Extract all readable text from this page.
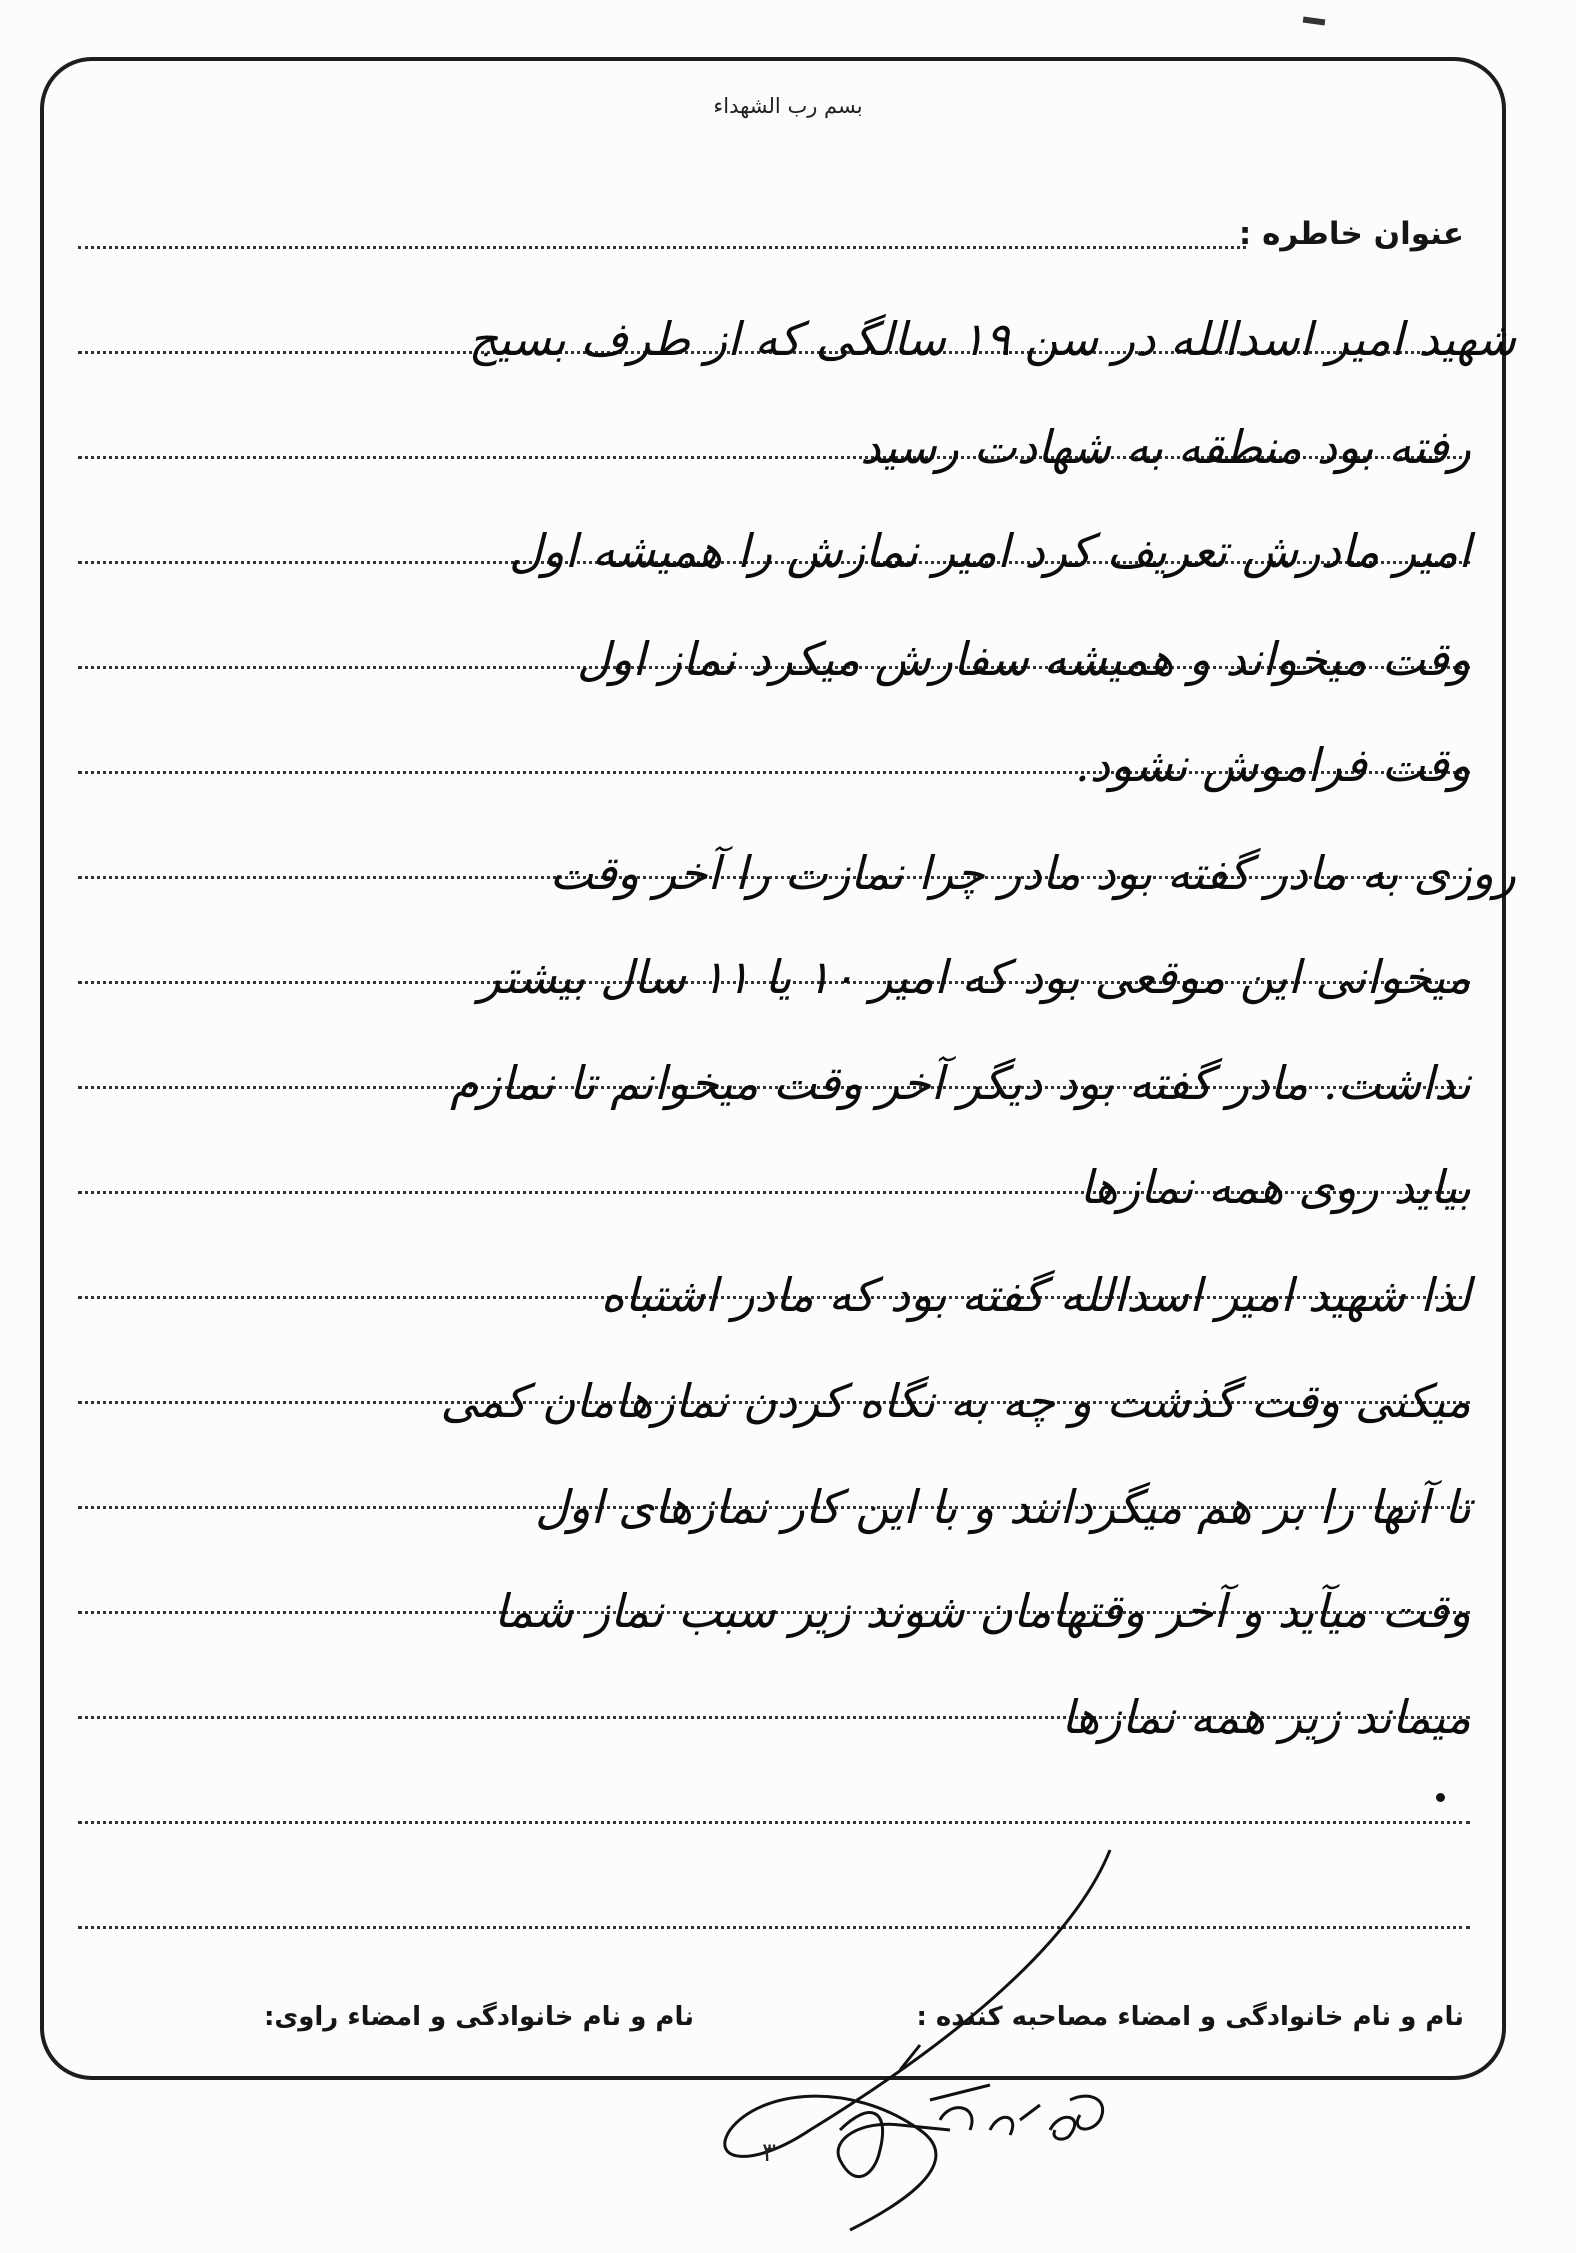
بسم رب الشهداء
عنوان خاطره :
شهید امیر اسدالله در سن ۱۹ سالگی که از طرف بسیج
رفته بود منطقه به شهادت رسید
امیر مادرش تعریف کرد امیر نمازش را همیشه اول
وقت میخواند و همیشه سفارش میکرد نماز اول
وقت فراموش نشود.
روزی به مادر گفته بود مادر چرا نمازت را آخر وقت
میخوانی این موقعی بود که امیر ۱۰ یا ۱۱ سال بیشتر
نداشت. مادر گفته بود دیگر آخر وقت میخوانم تا نمازم
بیاید روی همه نمازها
لذا شهید امیر اسدالله گفته بود که مادر اشتباه
میکنی وقت گذشت و چه به نگاه کردن نمازهامان کمی
تا آنها را بر هم میگردانند و با این کار نمازهای اول
وقت میآید و آخر وقتهامان شوند زیر سبب نماز شما
میماند زیر همه نمازها
نام و نام خانوادگی و امضاء مصاحبه کننده :
نام و نام خانوادگی و امضاء راوی:
۳
